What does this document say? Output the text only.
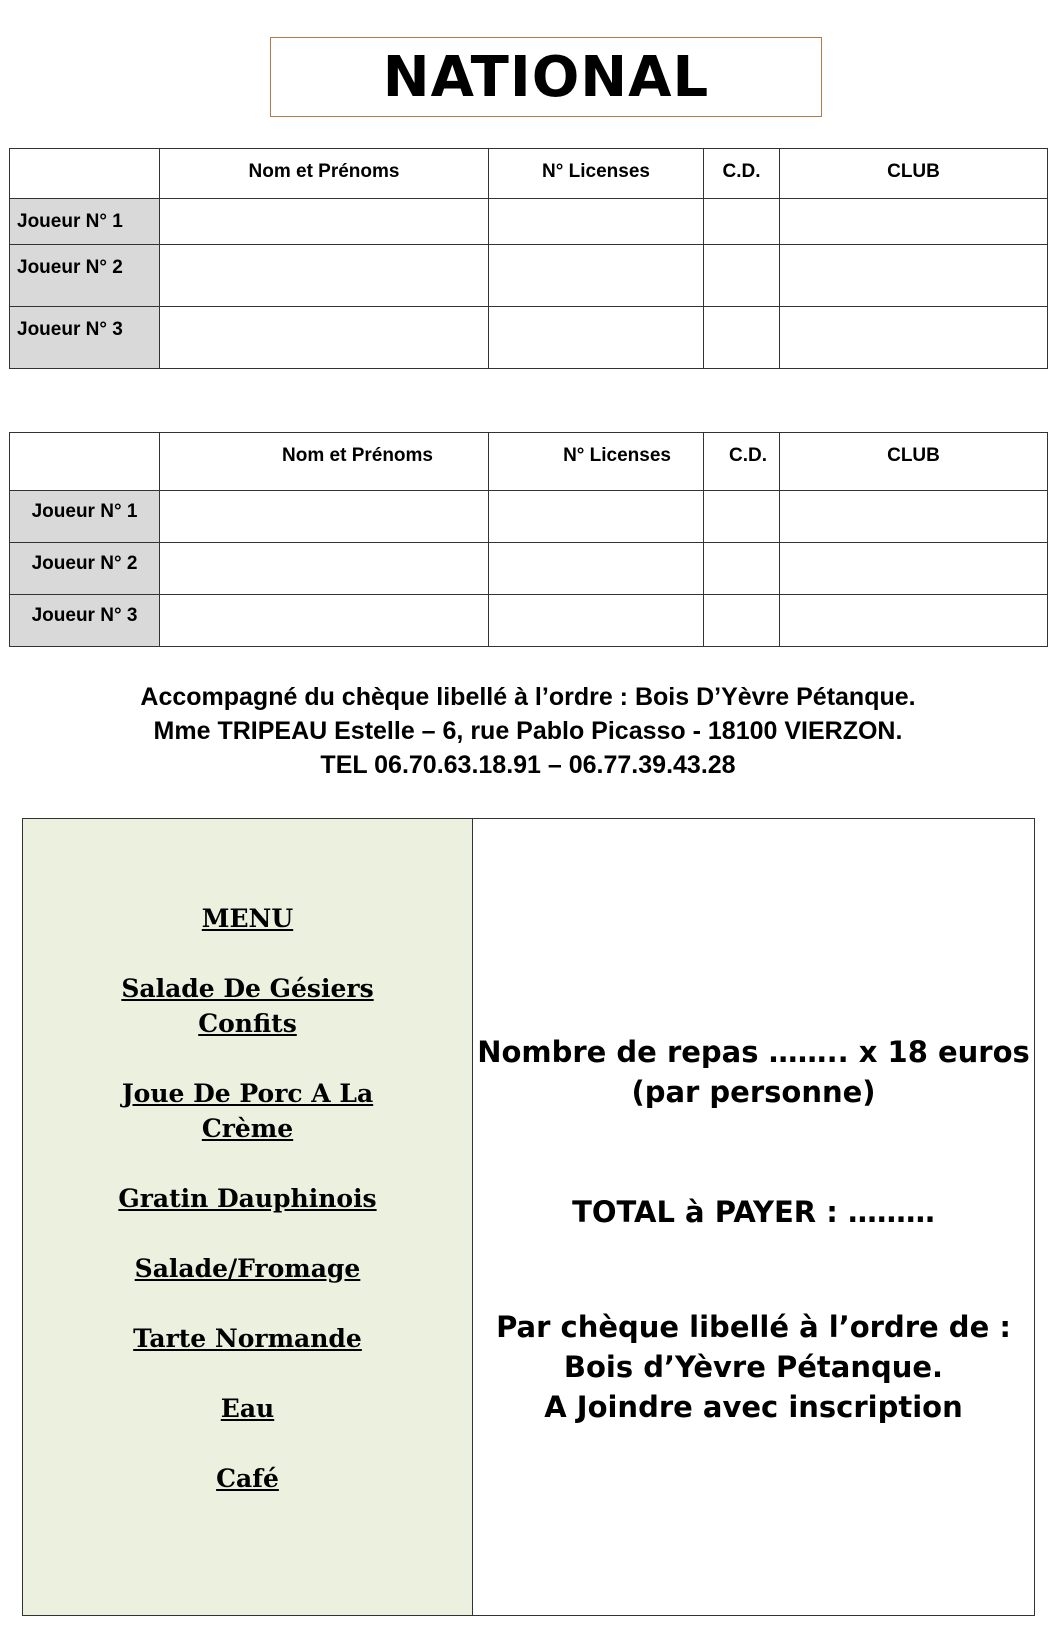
NATIONAL
	Nom et Prénoms	N° Licenses	C.D.	CLUB
Joueur N° 1				
Joueur N° 2				
Joueur N° 3				
	Nom et Prénoms	N° Licenses	C.D.	CLUB
Joueur N° 1				
Joueur N° 2				
Joueur N° 3				
Accompagné du chèque libellé à l’ordre : Bois D’Yèvre Pétanque.
Mme TRIPEAU Estelle – 6, rue Pablo Picasso - 18100 VIERZON.
TEL 06.70.63.18.91 – 06.77.39.43.28
MENU
Salade De Gésiers
Confits
Joue De Porc A La
Crème
Gratin Dauphinois
Salade/Fromage
Tarte Normande
Eau
Café
Nombre de repas …….. x 18 euros
(par personne)
TOTAL à PAYER : ………
Par chèque libellé à l’ordre de :
Bois d’Yèvre Pétanque.
A Joindre avec inscription
